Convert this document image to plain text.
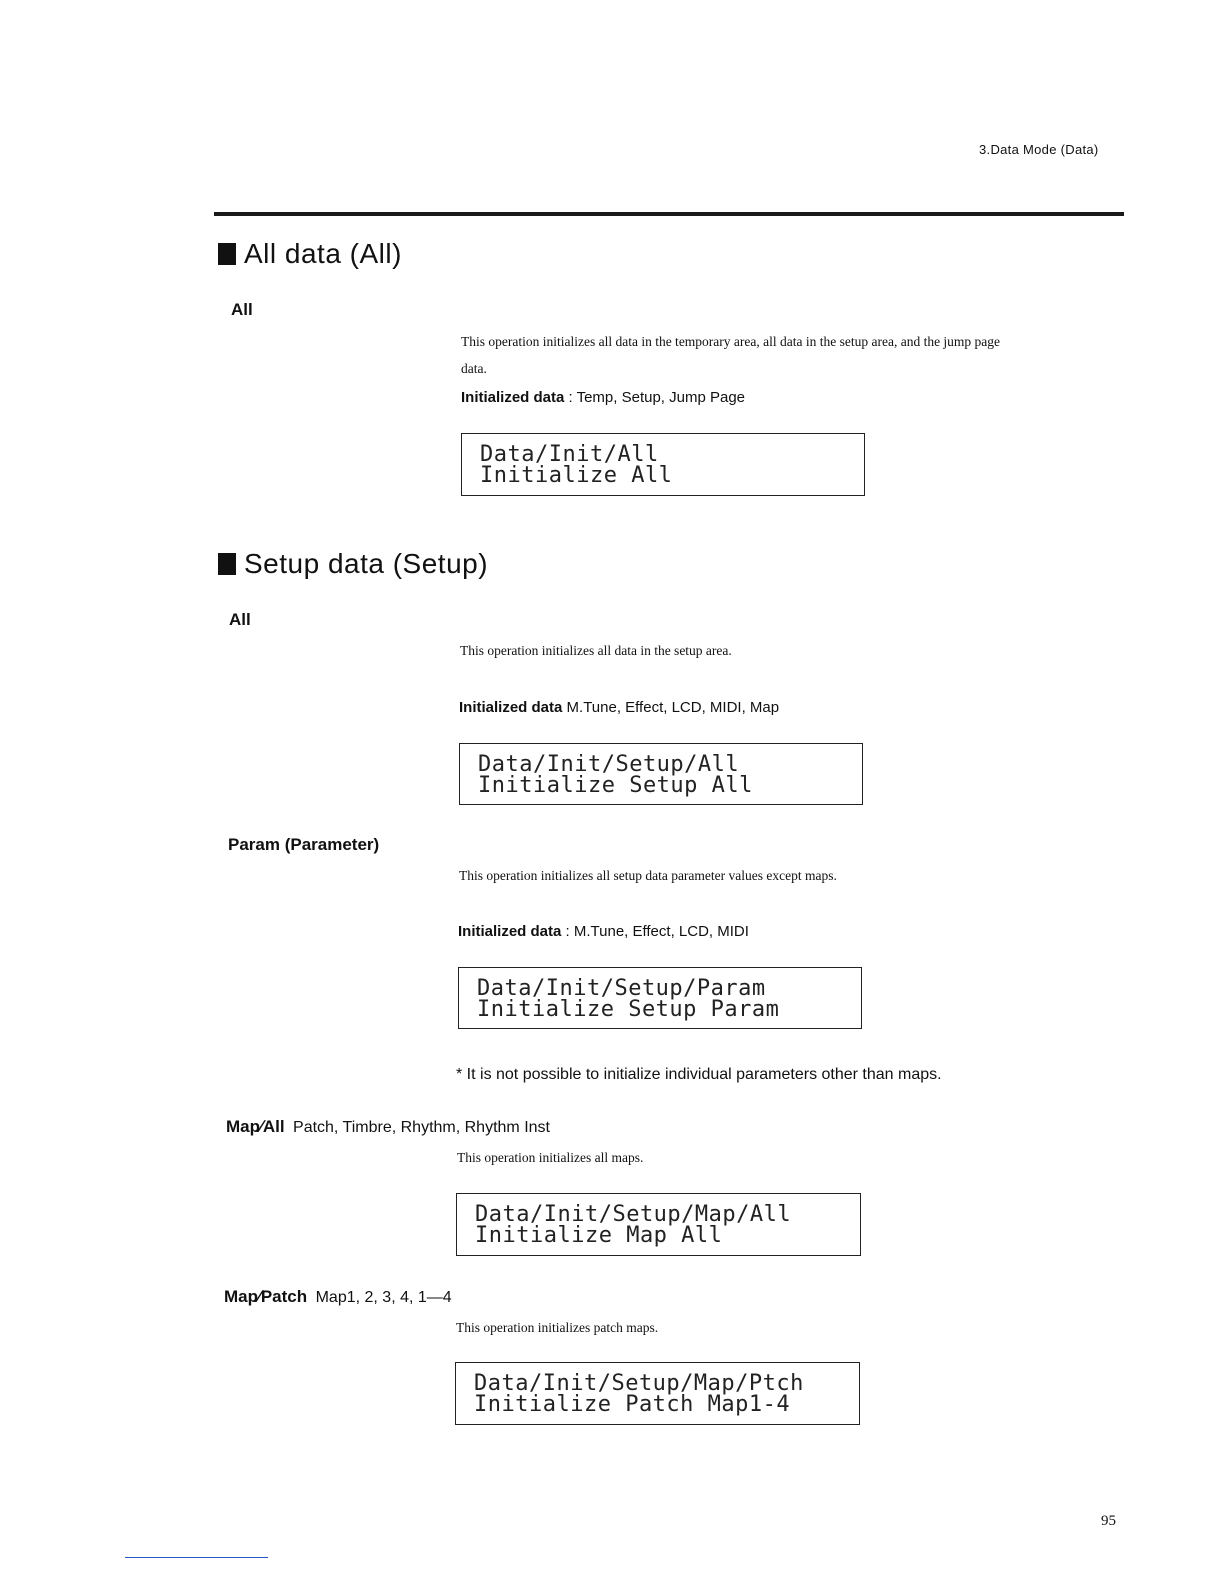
3.Data Mode (Data)
All data (All)
All
This operation initializes all data in the temporary area, all data in the setup area, and the jump page
data.
Initialized data : Temp, Setup, Jump Page
Data/Init/All
Initialize All
Setup data (Setup)
All
This operation initializes all data in the setup area.
Initialized data M.Tune, Effect, LCD, MIDI, Map
Data/Init/Setup/All
Initialize Setup All
Param (Parameter)
This operation initializes all setup data parameter values except maps.
Initialized data : M.Tune, Effect, LCD, MIDI
Data/Init/Setup/Param
Initialize Setup Param
* It is not possible to initialize individual parameters other than maps.
Map∕All Patch, Timbre, Rhythm, Rhythm Inst
This operation initializes all maps.
Data/Init/Setup/Map/All
Initialize Map All
Map∕Patch Map1, 2, 3, 4, 1—4
This operation initializes patch maps.
Data/Init/Setup/Map/Ptch
Initialize Patch Map1-4
95
